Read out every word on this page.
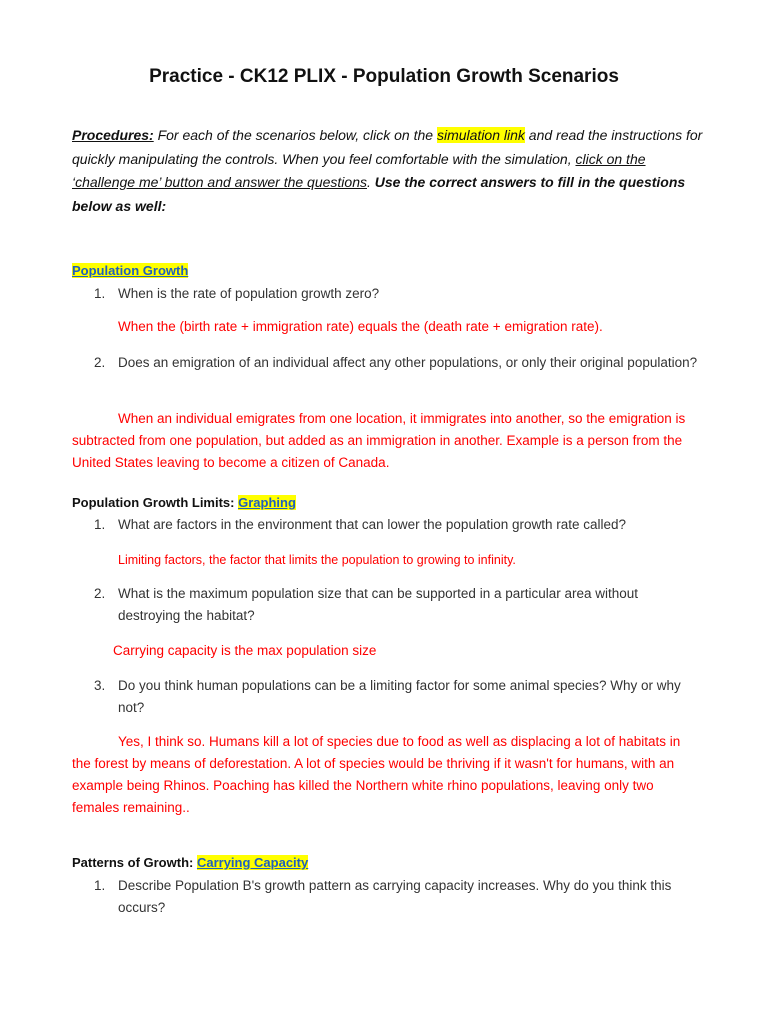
Practice - CK12 PLIX - Population Growth Scenarios
Procedures: For each of the scenarios below, click on the simulation link and read the instructions for quickly manipulating the controls. When you feel comfortable with the simulation, click on the ‘challenge me’ button and answer the questions. Use the correct answers to fill in the questions below as well:
Population Growth
1. When is the rate of population growth zero?
When the (birth rate + immigration rate) equals the (death rate + emigration rate).
2. Does an emigration of an individual affect any other populations, or only their original population?
When an individual emigrates from one location, it immigrates into another, so the emigration is subtracted from one population, but added as an immigration in another. Example is a person from the United States leaving to become a citizen of Canada.
Population Growth Limits: Graphing
1. What are factors in the environment that can lower the population growth rate called?
Limiting factors, the factor that limits the population to growing to infinity.
2. What is the maximum population size that can be supported in a particular area without destroying the habitat?
Carrying capacity is the max population size
3. Do you think human populations can be a limiting factor for some animal species? Why or why not?
Yes, I think so. Humans kill a lot of species due to food as well as displacing a lot of habitats in the forest by means of deforestation. A lot of species would be thriving if it wasn't for humans, with an example being Rhinos. Poaching has killed the Northern white rhino populations, leaving only two females remaining..
Patterns of Growth: Carrying Capacity
1. Describe Population B's growth pattern as carrying capacity increases. Why do you think this occurs?
